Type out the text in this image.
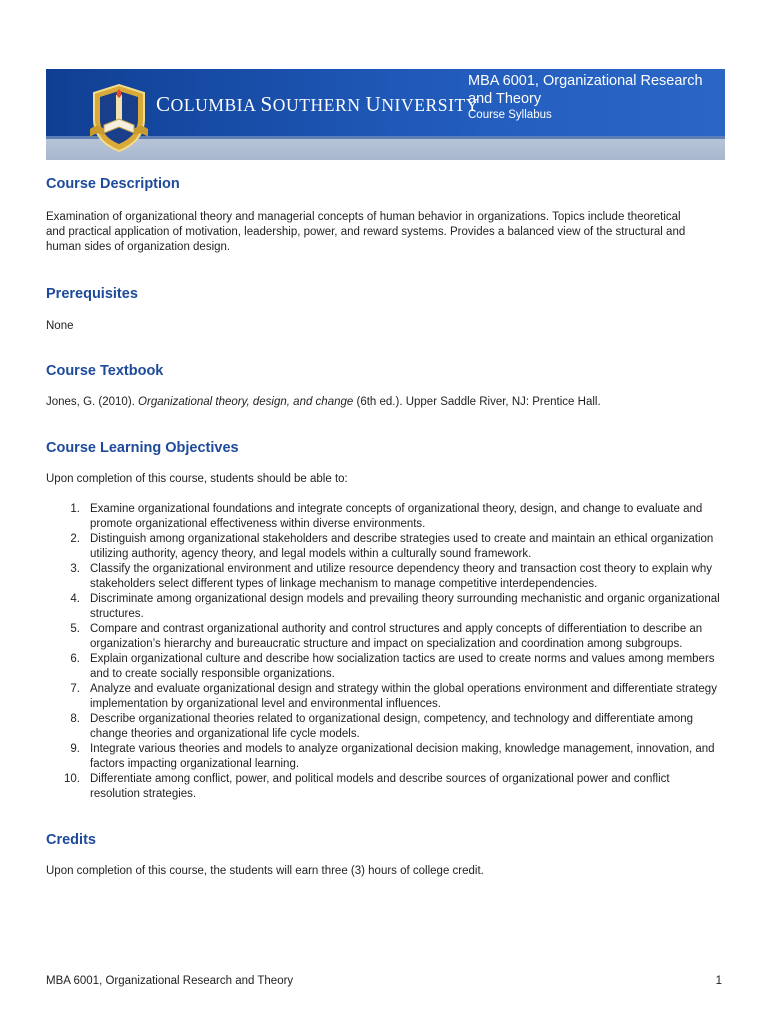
COLUMBIA SOUTHERN UNIVERSITY
MBA 6001, Organizational Research and Theory
Course Syllabus
Course Description

Examination of organizational theory and managerial concepts of human behavior in organizations. Topics include theoretical and practical application of motivation, leadership, power, and reward systems. Provides a balanced view of the structural and human sides of organization design.

Prerequisites

None

Course Textbook

Jones, G. (2010). Organizational theory, design, and change (6th ed.). Upper Saddle River, NJ: Prentice Hall.

Course Learning Objectives

Upon completion of this course, students should be able to:

1. Examine organizational foundations and integrate concepts of organizational theory, design, and change to evaluate and promote organizational effectiveness within diverse environments.
2. Distinguish among organizational stakeholders and describe strategies used to create and maintain an ethical organization utilizing authority, agency theory, and legal models within a culturally sound framework.
3. Classify the organizational environment and utilize resource dependency theory and transaction cost theory to explain why stakeholders select different types of linkage mechanism to manage competitive interdependencies.
4. Discriminate among organizational design models and prevailing theory surrounding mechanistic and organic organizational structures.
5. Compare and contrast organizational authority and control structures and apply concepts of differentiation to describe an organization’s hierarchy and bureaucratic structure and impact on specialization and coordination among subgroups.
6. Explain organizational culture and describe how socialization tactics are used to create norms and values among members and to create socially responsible organizations.
7. Analyze and evaluate organizational design and strategy within the global operations environment and differentiate strategy implementation by organizational level and environmental influences.
8. Describe organizational theories related to organizational design, competency, and technology and differentiate among change theories and organizational life cycle models.
9. Integrate various theories and models to analyze organizational decision making, knowledge management, innovation, and factors impacting organizational learning.
10. Differentiate among conflict, power, and political models and describe sources of organizational power and conflict resolution strategies.
Credits

Upon completion of this course, the students will earn three (3) hours of college credit.

MBA 6001, Organizational Research and Theory	1
